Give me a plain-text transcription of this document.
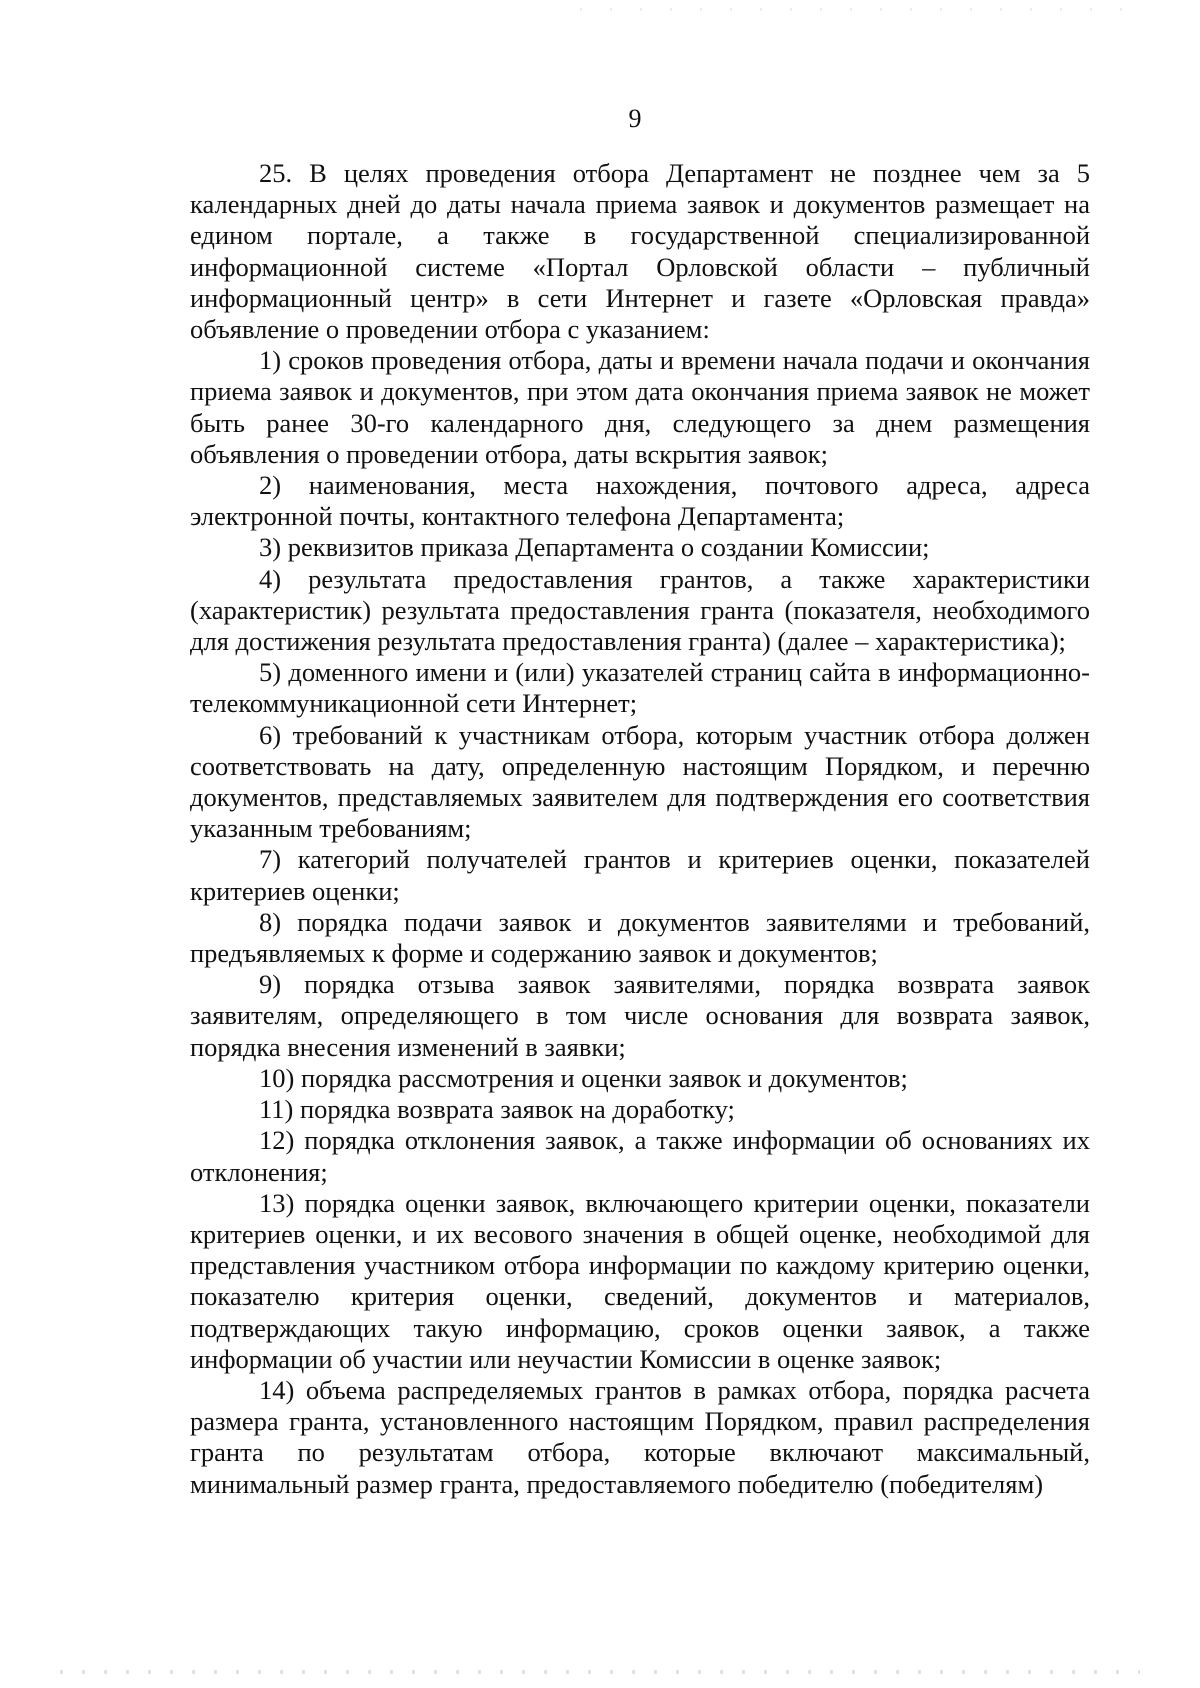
9

25. В целях проведения отбора Департамент не позднее чем за 5 календарных дней до даты начала приема заявок и документов размещает на едином портале, а также в государственной специализированной информационной системе «Портал Орловской области – публичный информационный центр» в сети Интернет и газете «Орловская правда» объявление о проведении отбора с указанием:

1) сроков проведения отбора, даты и времени начала подачи и окончания приема заявок и документов, при этом дата окончания приема заявок не может быть ранее 30-го календарного дня, следующего за днем размещения объявления о проведении отбора, даты вскрытия заявок;

2) наименования, места нахождения, почтового адреса, адреса электронной почты, контактного телефона Департамента;

3) реквизитов приказа Департамента о создании Комиссии;

4) результата предоставления грантов, а также характеристики (характеристик) результата предоставления гранта (показателя, необходимого для достижения результата предоставления гранта) (далее – характеристика);

5) доменного имени и (или) указателей страниц сайта в информационно-телекоммуникационной сети Интернет;

6) требований к участникам отбора, которым участник отбора должен соответствовать на дату, определенную настоящим Порядком, и перечню документов, представляемых заявителем для подтверждения его соответствия указанным требованиям;

7) категорий получателей грантов и критериев оценки, показателей критериев оценки;

8) порядка подачи заявок и документов заявителями и требований, предъявляемых к форме и содержанию заявок и документов;

9) порядка отзыва заявок заявителями, порядка возврата заявок заявителям, определяющего в том числе основания для возврата заявок, порядка внесения изменений в заявки;

10) порядка рассмотрения и оценки заявок и документов;

11) порядка возврата заявок на доработку;

12) порядка отклонения заявок, а также информации об основаниях их отклонения;

13) порядка оценки заявок, включающего критерии оценки, показатели критериев оценки, и их весового значения в общей оценке, необходимой для представления участником отбора информации по каждому критерию оценки, показателю критерия оценки, сведений, документов и материалов, подтверждающих такую информацию, сроков оценки заявок, а также информации об участии или неучастии Комиссии в оценке заявок;

14) объема распределяемых грантов в рамках отбора, порядка расчета размера гранта, установленного настоящим Порядком, правил распределения гранта по результатам отбора, которые включают максимальный, минимальный размер гранта, предоставляемого победителю (победителям)
